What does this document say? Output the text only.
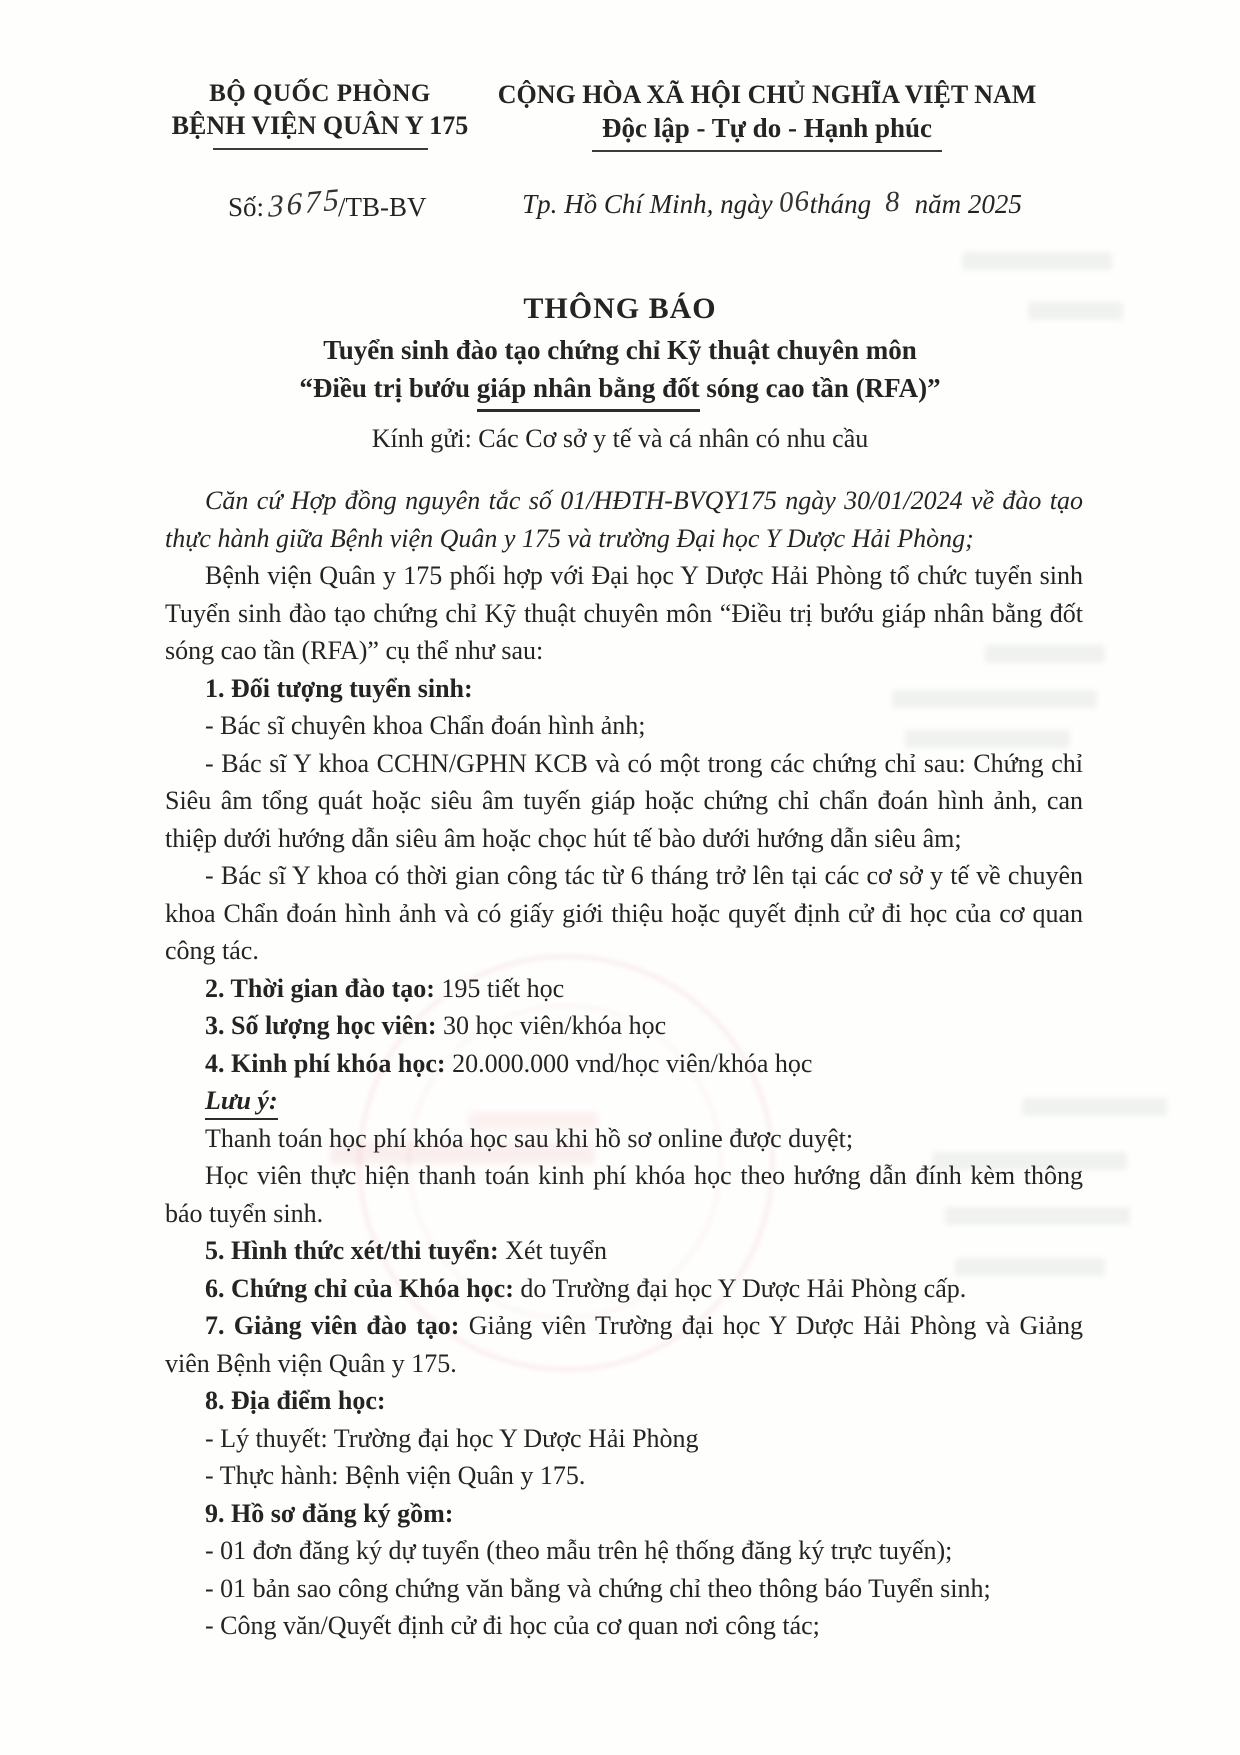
BỘ QUỐC PHÒNG
BỆNH VIỆN QUÂN Y 175
CỘNG HÒA XÃ HỘI CHỦ NGHĨA VIỆT NAM
Độc lập - Tự do - Hạnh phúc
Số: 3675/TB-BV	Tp. Hồ Chí Minh, ngày 06tháng 8 năm 2025
THÔNG BÁO
Tuyển sinh đào tạo chứng chỉ Kỹ thuật chuyên môn
“Điều trị bướu giáp nhân bằng đốt sóng cao tần (RFA)”
Kính gửi: Các Cơ sở y tế và cá nhân có nhu cầu

Căn cứ Hợp đồng nguyên tắc số 01/HĐTH-BVQY175 ngày 30/01/2024 về đào tạo thực hành giữa Bệnh viện Quân y 175 và trường Đại học Y Dược Hải Phòng;

Bệnh viện Quân y 175 phối hợp với Đại học Y Dược Hải Phòng tổ chức tuyển sinh Tuyển sinh đào tạo chứng chỉ Kỹ thuật chuyên môn “Điều trị bướu giáp nhân bằng đốt sóng cao tần (RFA)” cụ thể như sau:

1. Đối tượng tuyển sinh:

- Bác sĩ chuyên khoa Chẩn đoán hình ảnh;

- Bác sĩ Y khoa CCHN/GPHN KCB và có một trong các chứng chỉ sau: Chứng chỉ Siêu âm tổng quát hoặc siêu âm tuyến giáp hoặc chứng chỉ chẩn đoán hình ảnh, can thiệp dưới hướng dẫn siêu âm hoặc chọc hút tế bào dưới hướng dẫn siêu âm;

- Bác sĩ Y khoa có thời gian công tác từ 6 tháng trở lên tại các cơ sở y tế về chuyên khoa Chẩn đoán hình ảnh và có giấy giới thiệu hoặc quyết định cử đi học của cơ quan công tác.

2. Thời gian đào tạo: 195 tiết học

3. Số lượng học viên: 30 học viên/khóa học

4. Kinh phí khóa học: 20.000.000 vnd/học viên/khóa học

Lưu ý:

Thanh toán học phí khóa học sau khi hồ sơ online được duyệt;

Học viên thực hiện thanh toán kinh phí khóa học theo hướng dẫn đính kèm thông báo tuyển sinh.

5. Hình thức xét/thi tuyển: Xét tuyển

6. Chứng chỉ của Khóa học: do Trường đại học Y Dược Hải Phòng cấp.

7. Giảng viên đào tạo: Giảng viên Trường đại học Y Dược Hải Phòng và Giảng viên Bệnh viện Quân y 175.

8. Địa điểm học:

- Lý thuyết: Trường đại học Y Dược Hải Phòng

- Thực hành: Bệnh viện Quân y 175.

9. Hồ sơ đăng ký gồm:

- 01 đơn đăng ký dự tuyển (theo mẫu trên hệ thống đăng ký trực tuyến);

- 01 bản sao công chứng văn bằng và chứng chỉ theo thông báo Tuyển sinh;

- Công văn/Quyết định cử đi học của cơ quan nơi công tác;
